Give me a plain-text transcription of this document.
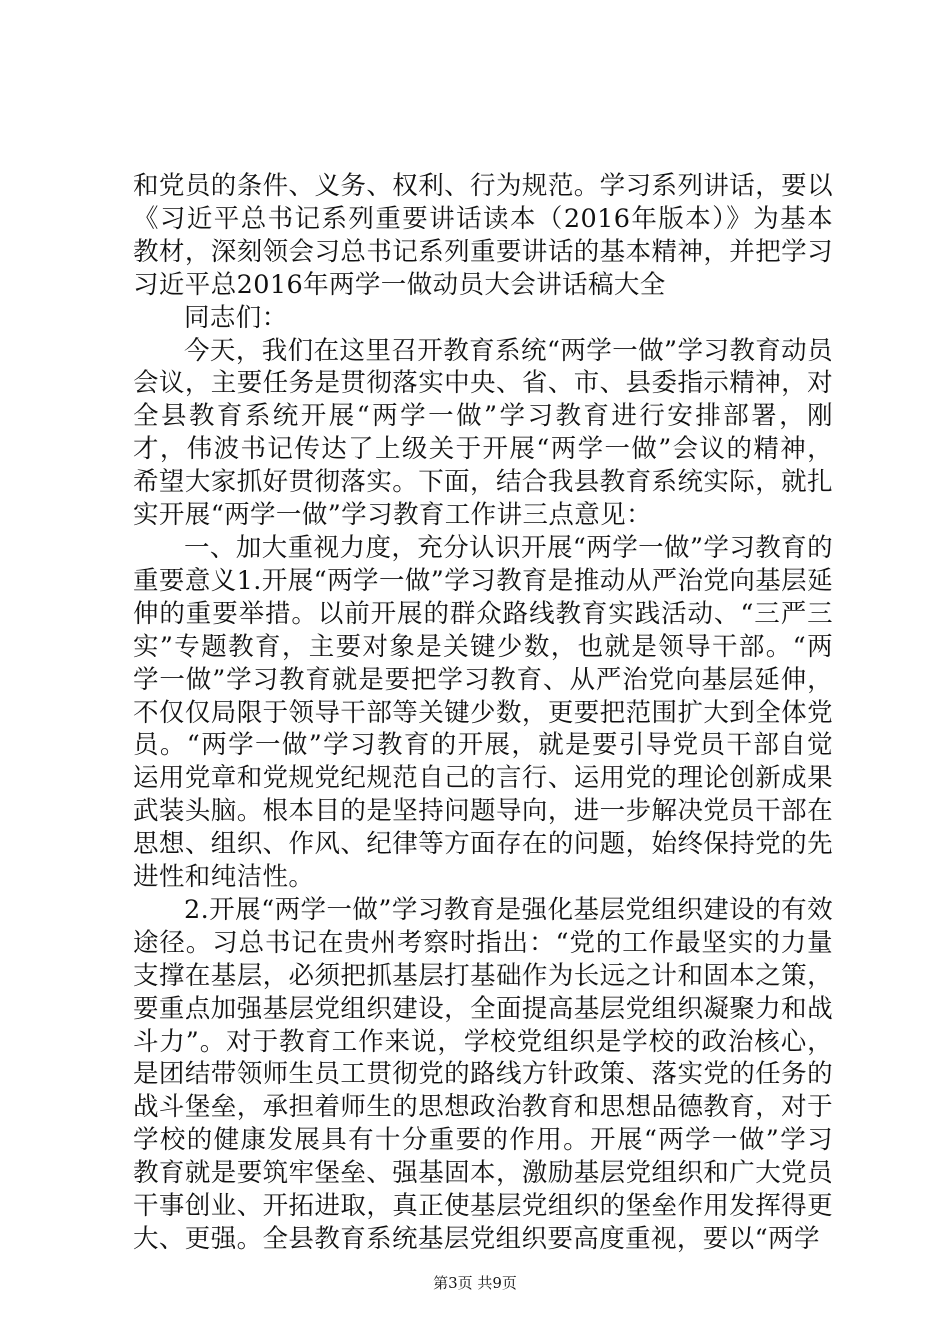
和党员的条件、义务、权利、行为规范。学习系列讲话，要以《习近平总书记系列重要讲话读本（2016年版本）》为基本教材，深刻领会习总书记系列重要讲话的基本精神，并把学习习近平总2016年两学一做动员大会讲话稿大全

同志们：

今天，我们在这里召开教育系统“两学一做”学习教育动员会议，主要任务是贯彻落实中央、省、市、县委指示精神，对全县教育系统开展“两学一做”学习教育进行安排部署，刚才，伟波书记传达了上级关于开展“两学一做”会议的精神，希望大家抓好贯彻落实。下面，结合我县教育系统实际，就扎实开展“两学一做”学习教育工作讲三点意见：

一、加大重视力度，充分认识开展“两学一做”学习教育的重要意义1.开展“两学一做”学习教育是推动从严治党向基层延伸的重要举措。以前开展的群众路线教育实践活动、“三严三实”专题教育，主要对象是关键少数，也就是领导干部。“两学一做”学习教育就是要把学习教育、从严治党向基层延伸，不仅仅局限于领导干部等关键少数，更要把范围扩大到全体党员。“两学一做”学习教育的开展，就是要引导党员干部自觉运用党章和党规党纪规范自己的言行、运用党的理论创新成果武装头脑。根本目的是坚持问题导向，进一步解决党员干部在思想、组织、作风、纪律等方面存在的问题，始终保持党的先进性和纯洁性。

2.开展“两学一做”学习教育是强化基层党组织建设的有效途径。习总书记在贵州考察时指出：“党的工作最坚实的力量支撑在基层，必须把抓基层打基础作为长远之计和固本之策，要重点加强基层党组织建设，全面提高基层党组织凝聚力和战斗力”。对于教育工作来说，学校党组织是学校的政治核心，是团结带领师生员工贯彻党的路线方针政策、落实党的任务的战斗堡垒，承担着师生的思想政治教育和思想品德教育，对于学校的健康发展具有十分重要的作用。开展“两学一做”学习教育就是要筑牢堡垒、强基固本，激励基层党组织和广大党员干事创业、开拓进取，真正使基层党组织的堡垒作用发挥得更大、更强。全县教育系统基层党组织要高度重视，要以“两学

第3页 共9页
